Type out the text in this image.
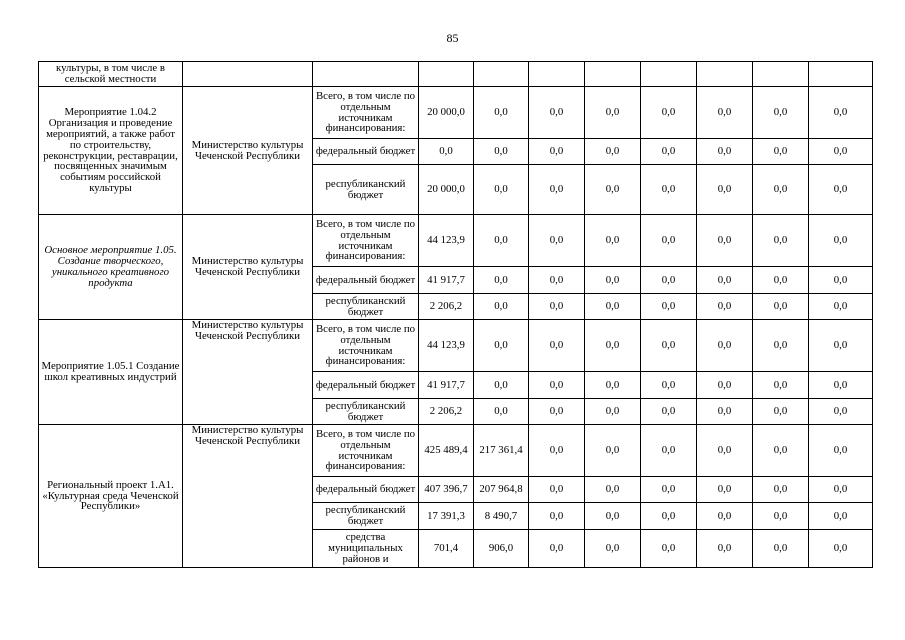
85
культуры, в том числе в сельской местности										
Мероприятие 1.04.2 Организация и проведение мероприятий, а также работ по строительству, реконструкции, реставрации, посвященных значимым событиям российской культуры	Министерство культуры Чеченской Республики	Всего, в том числе по отдельным источникам финансирования:	20 000,0	0,0	0,0	0,0	0,0	0,0	0,0	0,0
		федеральный бюджет	0,0	0,0	0,0	0,0	0,0	0,0	0,0	0,0
		республиканский бюджет	20 000,0	0,0	0,0	0,0	0,0	0,0	0,0	0,0
Основное мероприятие 1.05. Создание творческого, уникального креативного продукта	Министерство культуры Чеченской Республики	Всего, в том числе по отдельным источникам финансирования:	44 123,9	0,0	0,0	0,0	0,0	0,0	0,0	0,0
		федеральный бюджет	41 917,7	0,0	0,0	0,0	0,0	0,0	0,0	0,0
		республиканский бюджет	2 206,2	0,0	0,0	0,0	0,0	0,0	0,0	0,0
Мероприятие 1.05.1 Создание школ креативных индустрий	Министерство культуры Чеченской Республики	Всего, в том числе по отдельным источникам финансирования:	44 123,9	0,0	0,0	0,0	0,0	0,0	0,0	0,0
		федеральный бюджет	41 917,7	0,0	0,0	0,0	0,0	0,0	0,0	0,0
		республиканский бюджет	2 206,2	0,0	0,0	0,0	0,0	0,0	0,0	0,0
Региональный проект 1.А1. «Культурная среда Чеченской Республики»	Министерство культуры Чеченской Республики	Всего, в том числе по отдельным источникам финансирования:	425 489,4	217 361,4	0,0	0,0	0,0	0,0	0,0	0,0
		федеральный бюджет	407 396,7	207 964,8	0,0	0,0	0,0	0,0	0,0	0,0
		республиканский бюджет	17 391,3	8 490,7	0,0	0,0	0,0	0,0	0,0	0,0
		средства муниципальных районов и	701,4	906,0	0,0	0,0	0,0	0,0	0,0	0,0
